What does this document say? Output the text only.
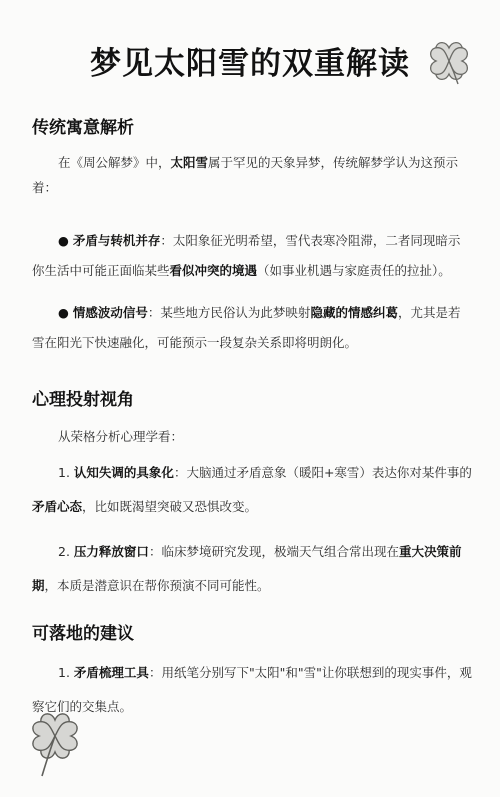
梦见太阳雪的双重解读
传统寓意解析

在《周公解梦》中，太阳雪属于罕见的天象异梦，传统解梦学认为这预示着：

● 矛盾与转机并存：太阳象征光明希望，雪代表寒冷阻滞，二者同现暗示你生活中可能正面临某些看似冲突的境遇（如事业机遇与家庭责任的拉扯）。

● 情感波动信号：某些地方民俗认为此梦映射隐藏的情感纠葛，尤其是若雪在阳光下快速融化，可能预示一段复杂关系即将明朗化。

心理投射视角

从荣格分析心理学看：

1. 认知失调的具象化：大脑通过矛盾意象（暖阳+寒雪）表达你对某件事的矛盾心态，比如既渴望突破又恐惧改变。

2. 压力释放窗口：临床梦境研究发现，极端天气组合常出现在重大决策前期，本质是潜意识在帮你预演不同可能性。

可落地的建议

1. 矛盾梳理工具：用纸笔分别写下"太阳"和"雪"让你联想到的现实事件，观察它们的交集点。
